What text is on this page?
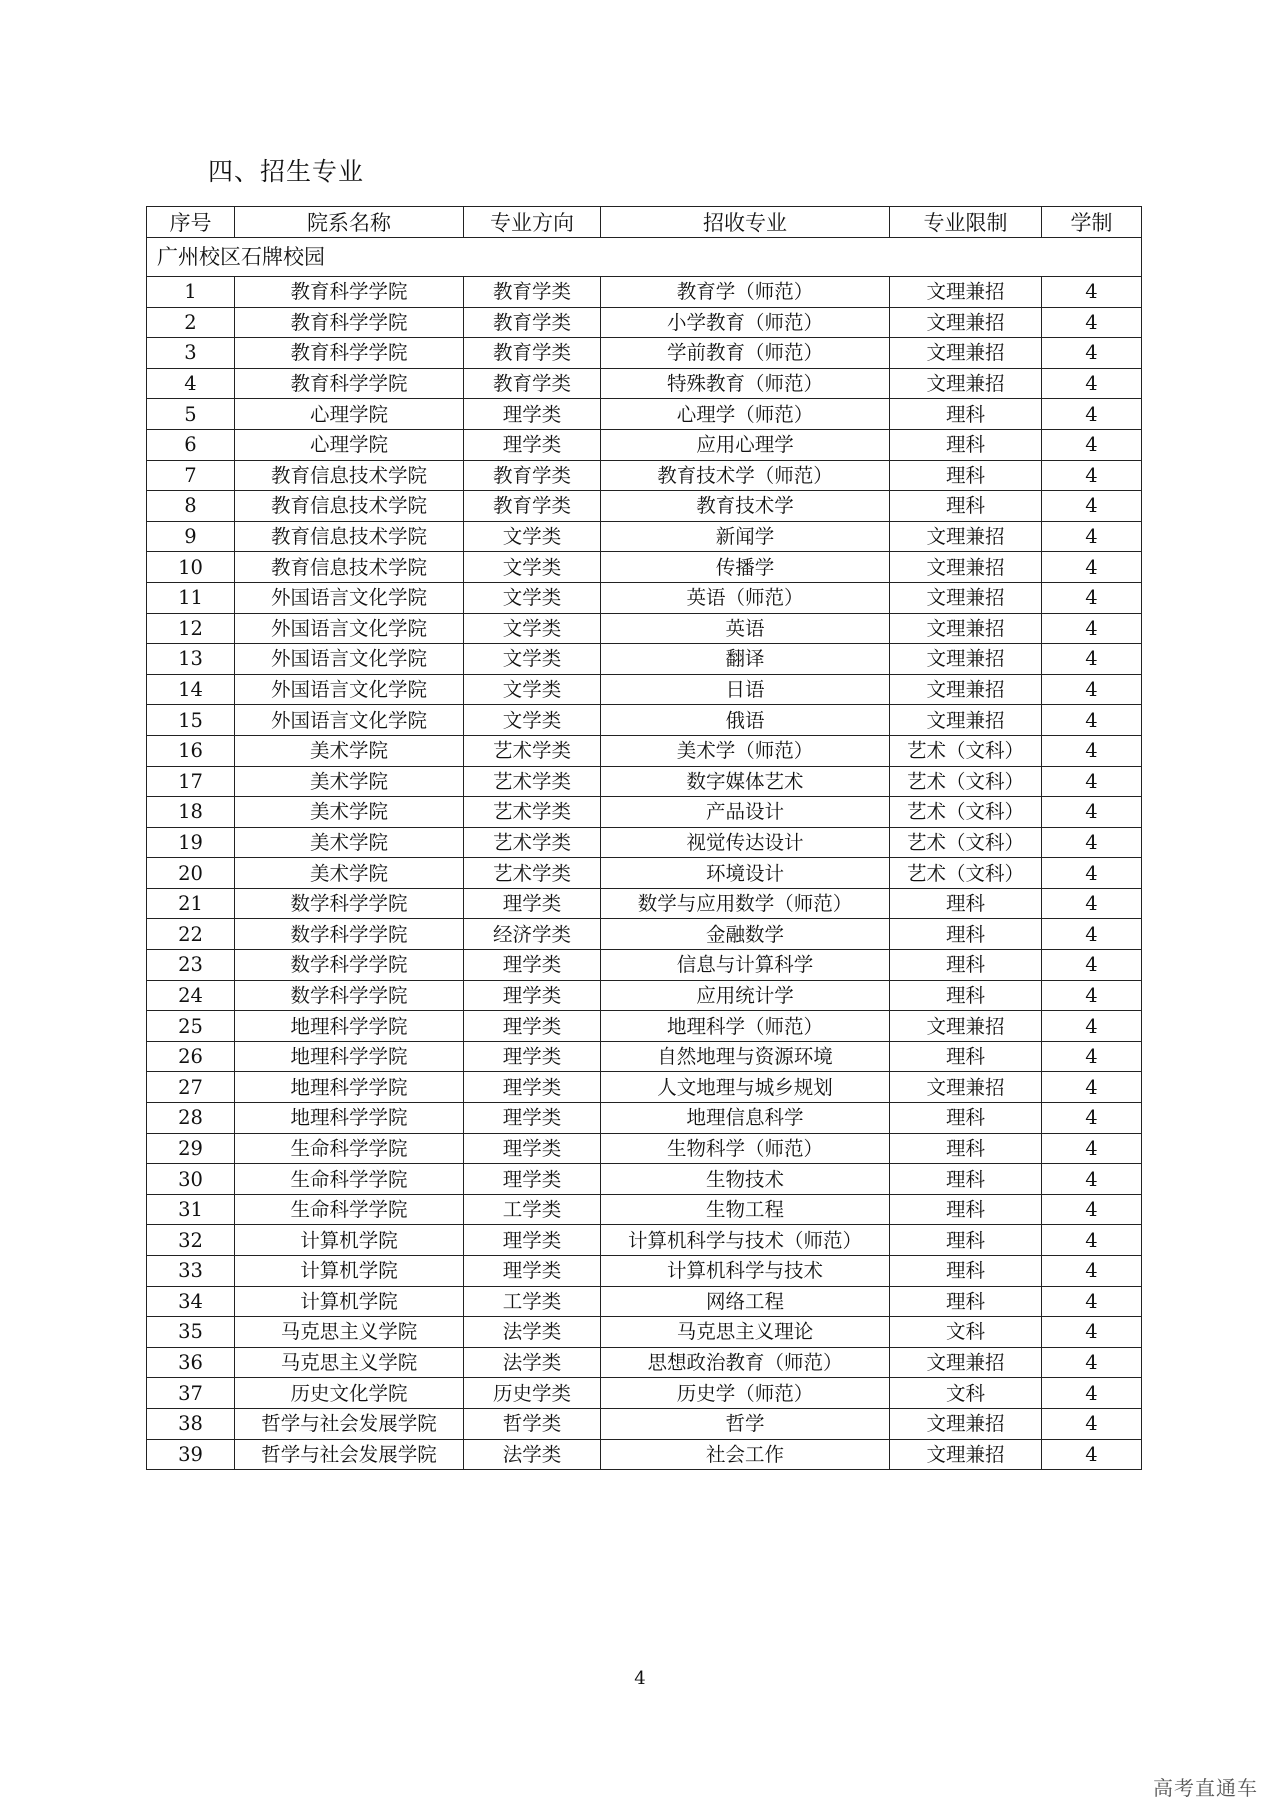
四、招生专业
序号	院系名称	专业方向	招收专业	专业限制	学制
广州校区石牌校园					
1	教育科学学院	教育学类	教育学（师范）	文理兼招	4
2	教育科学学院	教育学类	小学教育（师范）	文理兼招	4
3	教育科学学院	教育学类	学前教育（师范）	文理兼招	4
4	教育科学学院	教育学类	特殊教育（师范）	文理兼招	4
5	心理学院	理学类	心理学（师范）	理科	4
6	心理学院	理学类	应用心理学	理科	4
7	教育信息技术学院	教育学类	教育技术学（师范）	理科	4
8	教育信息技术学院	教育学类	教育技术学	理科	4
9	教育信息技术学院	文学类	新闻学	文理兼招	4
10	教育信息技术学院	文学类	传播学	文理兼招	4
11	外国语言文化学院	文学类	英语（师范）	文理兼招	4
12	外国语言文化学院	文学类	英语	文理兼招	4
13	外国语言文化学院	文学类	翻译	文理兼招	4
14	外国语言文化学院	文学类	日语	文理兼招	4
15	外国语言文化学院	文学类	俄语	文理兼招	4
16	美术学院	艺术学类	美术学（师范）	艺术（文科）	4
17	美术学院	艺术学类	数字媒体艺术	艺术（文科）	4
18	美术学院	艺术学类	产品设计	艺术（文科）	4
19	美术学院	艺术学类	视觉传达设计	艺术（文科）	4
20	美术学院	艺术学类	环境设计	艺术（文科）	4
21	数学科学学院	理学类	数学与应用数学（师范）	理科	4
22	数学科学学院	经济学类	金融数学	理科	4
23	数学科学学院	理学类	信息与计算科学	理科	4
24	数学科学学院	理学类	应用统计学	理科	4
25	地理科学学院	理学类	地理科学（师范）	文理兼招	4
26	地理科学学院	理学类	自然地理与资源环境	理科	4
27	地理科学学院	理学类	人文地理与城乡规划	文理兼招	4
28	地理科学学院	理学类	地理信息科学	理科	4
29	生命科学学院	理学类	生物科学（师范）	理科	4
30	生命科学学院	理学类	生物技术	理科	4
31	生命科学学院	工学类	生物工程	理科	4
32	计算机学院	理学类	计算机科学与技术（师范）	理科	4
33	计算机学院	理学类	计算机科学与技术	理科	4
34	计算机学院	工学类	网络工程	理科	4
35	马克思主义学院	法学类	马克思主义理论	文科	4
36	马克思主义学院	法学类	思想政治教育（师范）	文理兼招	4
37	历史文化学院	历史学类	历史学（师范）	文科	4
38	哲学与社会发展学院	哲学类	哲学	文理兼招	4
39	哲学与社会发展学院	法学类	社会工作	文理兼招	4
4
高考直通车
